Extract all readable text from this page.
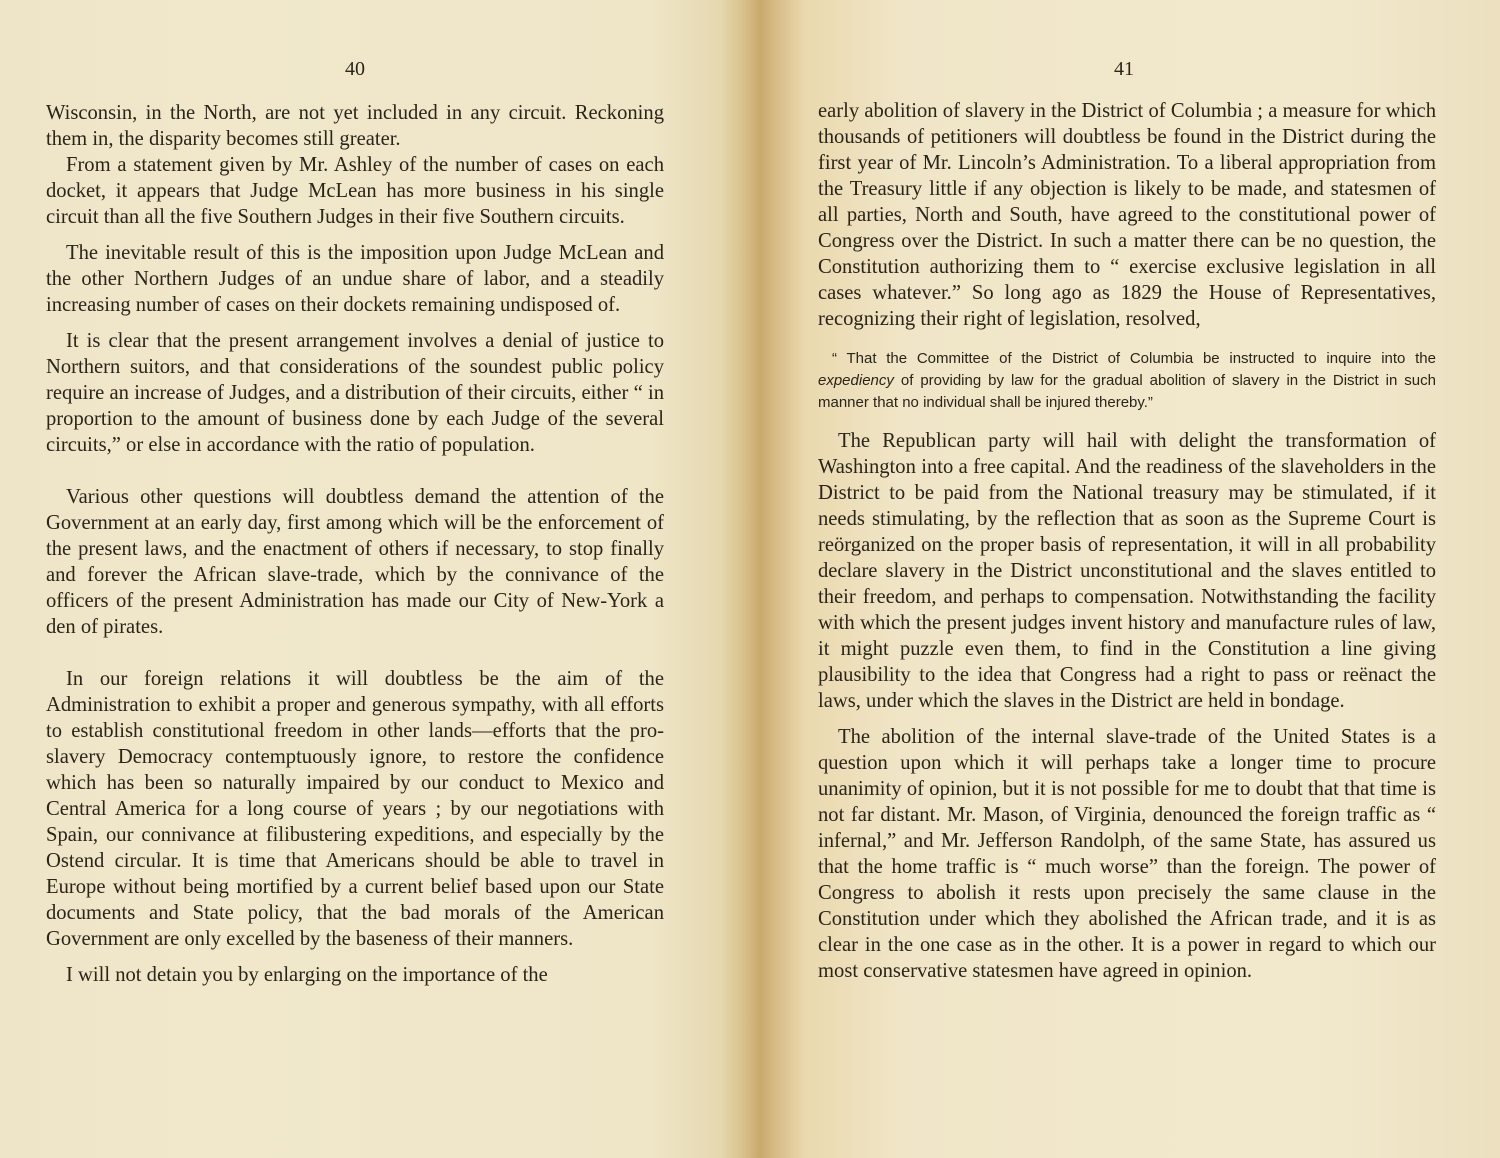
40

Wisconsin, in the North, are not yet included in any circuit. Reckoning them in, the disparity becomes still greater.

From a statement given by Mr. Ashley of the number of cases on each docket, it appears that Judge McLean has more business in his single circuit than all the five Southern Judges in their five Southern circuits.

The inevitable result of this is the imposition upon Judge McLean and the other Northern Judges of an undue share of labor, and a steadily increasing number of cases on their dockets remaining undisposed of.

It is clear that the present arrangement involves a denial of justice to Northern suitors, and that considerations of the soundest public policy require an increase of Judges, and a distribution of their circuits, either “ in proportion to the amount of business done by each Judge of the several circuits,” or else in accordance with the ratio of population.

Various other questions will doubtless demand the attention of the Government at an early day, first among which will be the enforcement of the present laws, and the enactment of others if necessary, to stop finally and forever the African slave-trade, which by the connivance of the officers of the present Administration has made our City of New-York a den of pirates.

In our foreign relations it will doubtless be the aim of the Administration to exhibit a proper and generous sympathy, with all efforts to establish constitutional freedom in other lands—efforts that the pro-slavery Democracy contemptuously ignore, to restore the confidence which has been so naturally impaired by our conduct to Mexico and Central America for a long course of years ; by our negotiations with Spain, our connivance at filibustering expeditions, and especially by the Ostend circular. It is time that Americans should be able to travel in Europe without being mortified by a current belief based upon our State documents and State policy, that the bad morals of the American Government are only excelled by the baseness of their manners.

I will not detain you by enlarging on the importance of the

41

early abolition of slavery in the District of Columbia ; a measure for which thousands of petitioners will doubtless be found in the District during the first year of Mr. Lincoln’s Administration. To a liberal appropriation from the Treasury little if any objection is likely to be made, and statesmen of all parties, North and South, have agreed to the constitutional power of Congress over the District. In such a matter there can be no question, the Constitution authorizing them to “ exercise exclusive legislation in all cases whatever.” So long ago as 1829 the House of Representatives, recognizing their right of legislation, resolved,

“ That the Committee of the District of Columbia be instructed to inquire into the expediency of providing by law for the gradual abolition of slavery in the District in such manner that no individual shall be injured thereby.”

The Republican party will hail with delight the transformation of Washington into a free capital. And the readiness of the slaveholders in the District to be paid from the National treasury may be stimulated, if it needs stimulating, by the reflection that as soon as the Supreme Court is reörganized on the proper basis of representation, it will in all probability declare slavery in the District unconstitutional and the slaves entitled to their freedom, and perhaps to compensation. Notwithstanding the facility with which the present judges invent history and manufacture rules of law, it might puzzle even them, to find in the Constitution a line giving plausibility to the idea that Congress had a right to pass or reënact the laws, under which the slaves in the District are held in bondage.

The abolition of the internal slave-trade of the United States is a question upon which it will perhaps take a longer time to procure unanimity of opinion, but it is not possible for me to doubt that that time is not far distant. Mr. Mason, of Virginia, denounced the foreign traffic as “ infernal,” and Mr. Jefferson Randolph, of the same State, has assured us that the home traffic is “ much worse” than the foreign. The power of Congress to abolish it rests upon precisely the same clause in the Constitution under which they abolished the African trade, and it is as clear in the one case as in the other. It is a power in regard to which our most conservative statesmen have agreed in opinion.
